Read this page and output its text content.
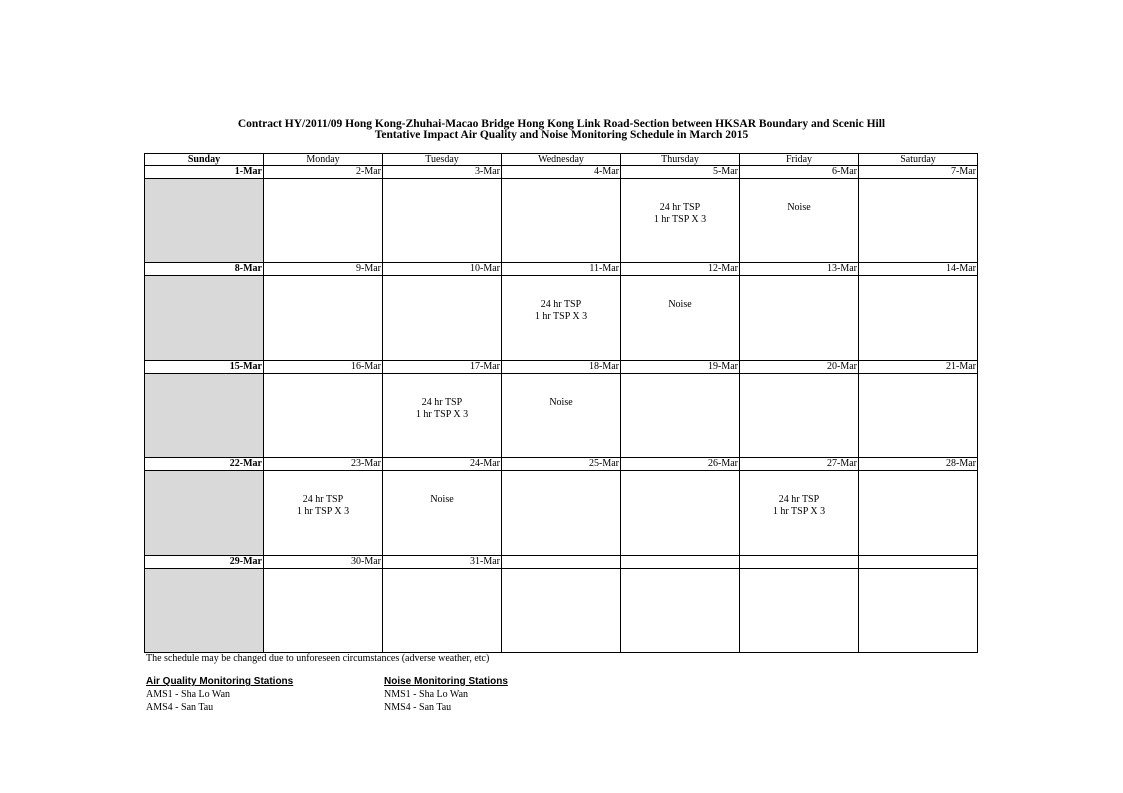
Contract HY/2011/09 Hong Kong-Zhuhai-Macao Bridge Hong Kong Link Road-Section between HKSAR Boundary and Scenic Hill
Tentative Impact Air Quality and Noise Monitoring Schedule in March 2015
Sunday	Monday	Tuesday	Wednesday	Thursday	Friday	Saturday
1-Mar	2-Mar	3-Mar	4-Mar	5-Mar	6-Mar	7-Mar

				24 hr TSP
1 hr TSP X 3	Noise	

8-Mar	9-Mar	10-Mar	11-Mar	12-Mar	13-Mar	14-Mar

			24 hr TSP
1 hr TSP X 3	Noise		

15-Mar	16-Mar	17-Mar	18-Mar	19-Mar	20-Mar	21-Mar

		24 hr TSP
1 hr TSP X 3	Noise			

22-Mar	23-Mar	24-Mar	25-Mar	26-Mar	27-Mar	28-Mar

	24 hr TSP
1 hr TSP X 3	Noise			24 hr TSP
1 hr TSP X 3	

29-Mar	30-Mar	31-Mar				

The schedule may be changed due to unforeseen circumstances (adverse weather, etc)
Air Quality Monitoring Stations
AMS1 - Sha Lo Wan
AMS4 - San Tau
Noise Monitoring Stations
NMS1 - Sha Lo Wan
NMS4 - San Tau
